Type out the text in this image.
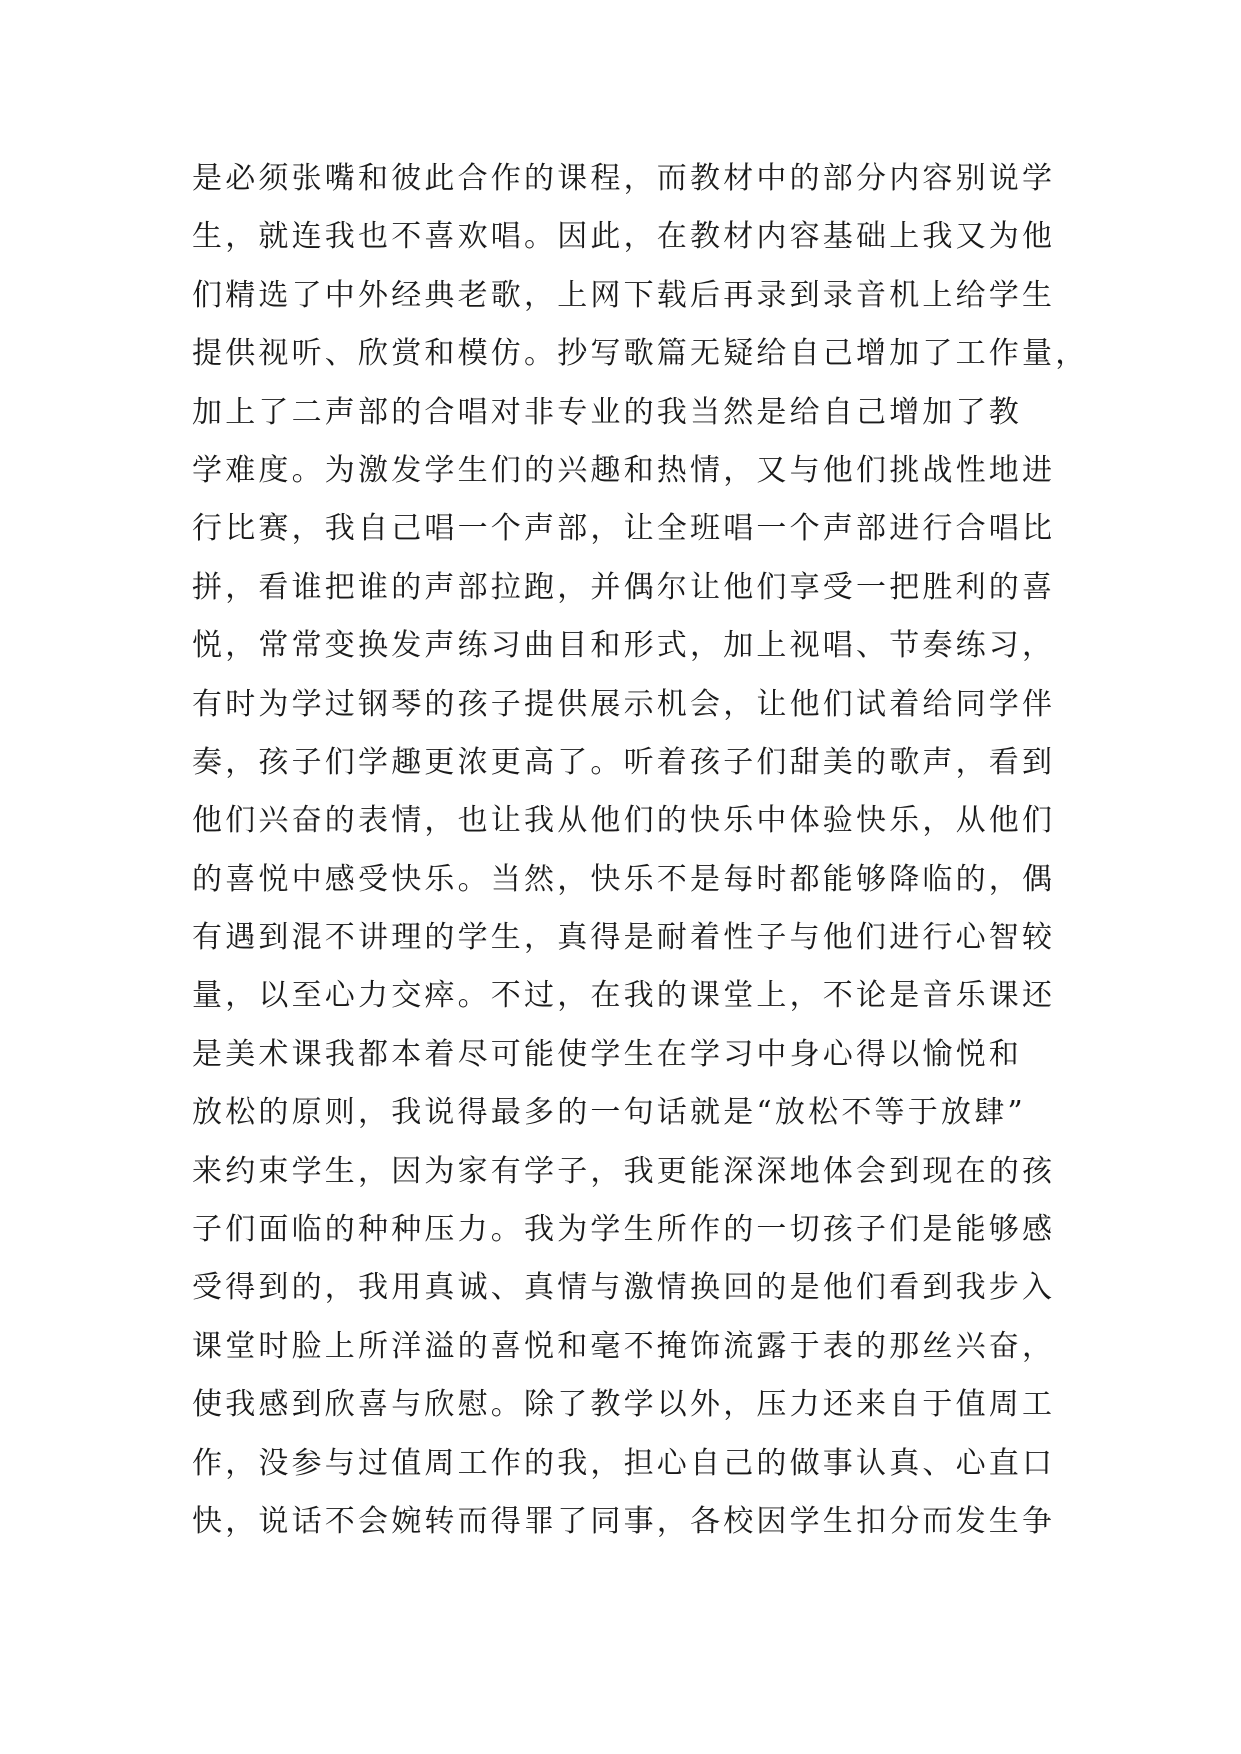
是必须张嘴和彼此合作的课程，而教材中的部分内容别说学
生，就连我也不喜欢唱。因此，在教材内容基础上我又为他
们精选了中外经典老歌，上网下载后再录到录音机上给学生
提供视听、欣赏和模仿。抄写歌篇无疑给自己增加了工作量，
加上了二声部的合唱对非专业的我当然是给自己增加了教
学难度。为激发学生们的兴趣和热情，又与他们挑战性地进
行比赛，我自己唱一个声部，让全班唱一个声部进行合唱比
拼，看谁把谁的声部拉跑，并偶尔让他们享受一把胜利的喜
悦，常常变换发声练习曲目和形式，加上视唱、节奏练习，
有时为学过钢琴的孩子提供展示机会，让他们试着给同学伴
奏，孩子们学趣更浓更高了。听着孩子们甜美的歌声，看到
他们兴奋的表情，也让我从他们的快乐中体验快乐，从他们
的喜悦中感受快乐。当然，快乐不是每时都能够降临的，偶
有遇到混不讲理的学生，真得是耐着性子与他们进行心智较
量，以至心力交瘁。不过，在我的课堂上，不论是音乐课还
是美术课我都本着尽可能使学生在学习中身心得以愉悦和
放松的原则，我说得最多的一句话就是“放松不等于放肆”
来约束学生，因为家有学子，我更能深深地体会到现在的孩
子们面临的种种压力。我为学生所作的一切孩子们是能够感
受得到的，我用真诚、真情与激情换回的是他们看到我步入
课堂时脸上所洋溢的喜悦和毫不掩饰流露于表的那丝兴奋，
使我感到欣喜与欣慰。除了教学以外，压力还来自于值周工
作，没参与过值周工作的我，担心自己的做事认真、心直口
快，说话不会婉转而得罪了同事，各校因学生扣分而发生争
